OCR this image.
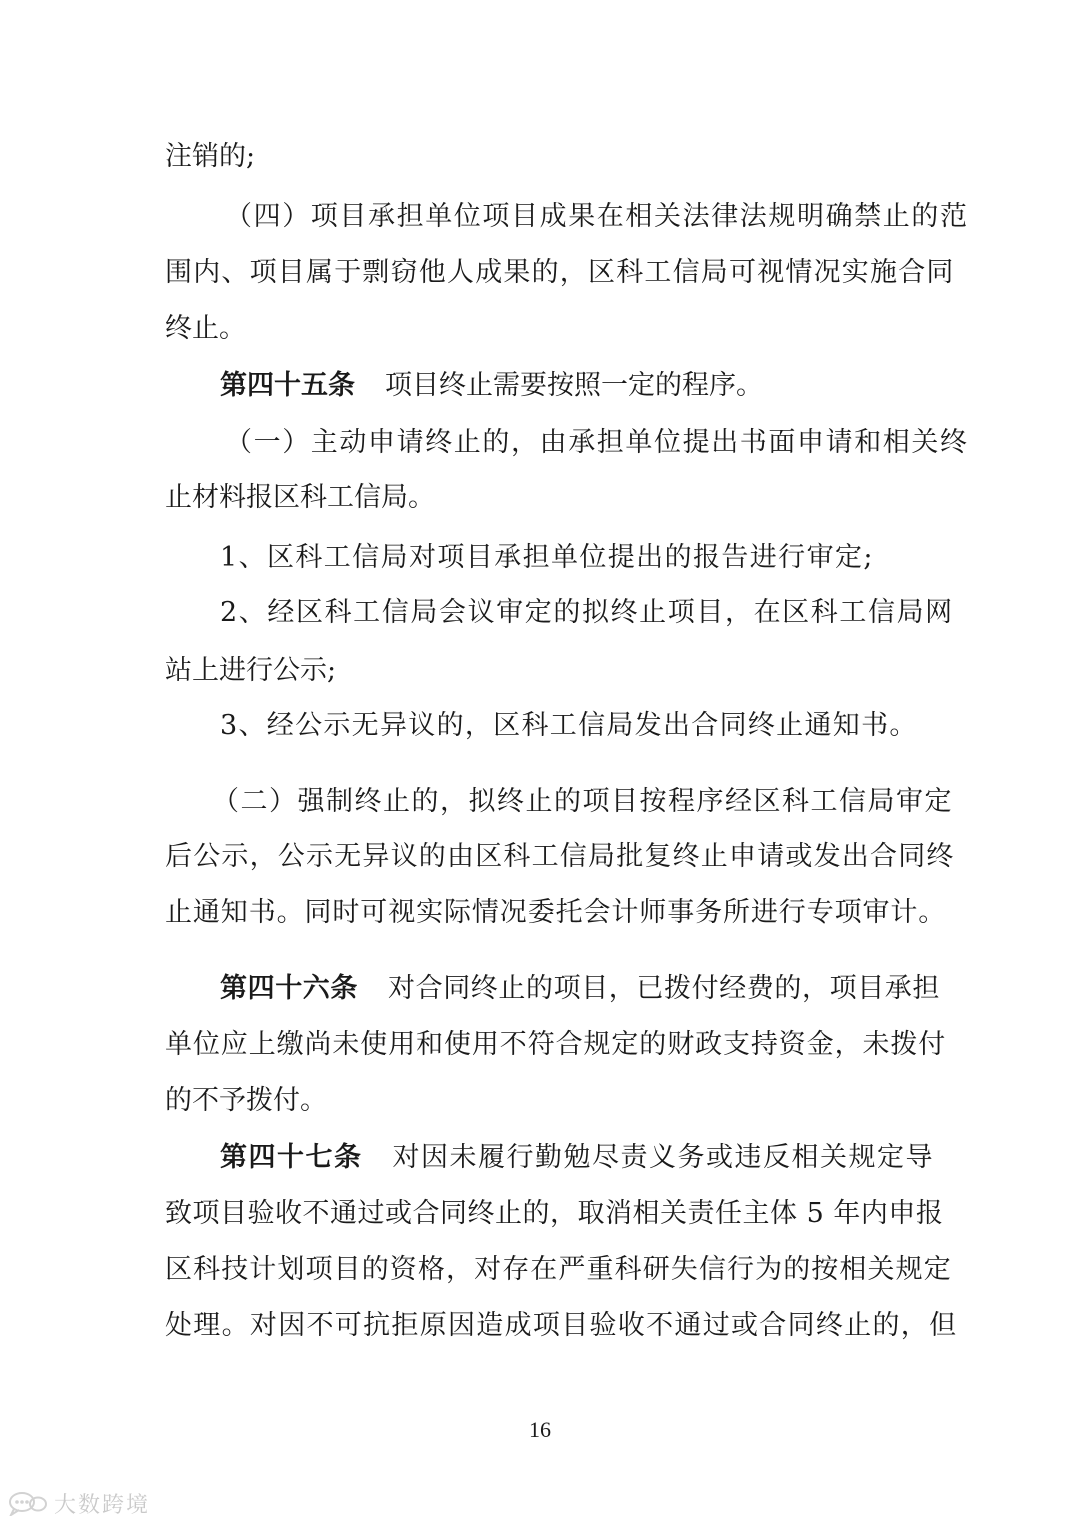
注销的;
（四）项目承担单位项目成果在相关法律法规明确禁止的范
围内、项目属于剽窃他人成果的，区科工信局可视情况实施合同
终止。
第四十五条 项目终止需要按照一定的程序。
（一）主动申请终止的，由承担单位提出书面申请和相关终
止材料报区科工信局。
1、区科工信局对项目承担单位提出的报告进行审定;
2、经区科工信局会议审定的拟终止项目，在区科工信局网
站上进行公示;
3、经公示无异议的，区科工信局发出合同终止通知书。
（二）强制终止的，拟终止的项目按程序经区科工信局审定
后公示，公示无异议的由区科工信局批复终止申请或发出合同终
止通知书。同时可视实际情况委托会计师事务所进行专项审计。
第四十六条 对合同终止的项目，已拨付经费的，项目承担
单位应上缴尚未使用和使用不符合规定的财政支持资金，未拨付
的不予拨付。
第四十七条 对因未履行勤勉尽责义务或违反相关规定导
致项目验收不通过或合同终止的，取消相关责任主体 5 年内申报
区科技计划项目的资格，对存在严重科研失信行为的按相关规定
处理。对因不可抗拒原因造成项目验收不通过或合同终止的，但
16
大数跨境
